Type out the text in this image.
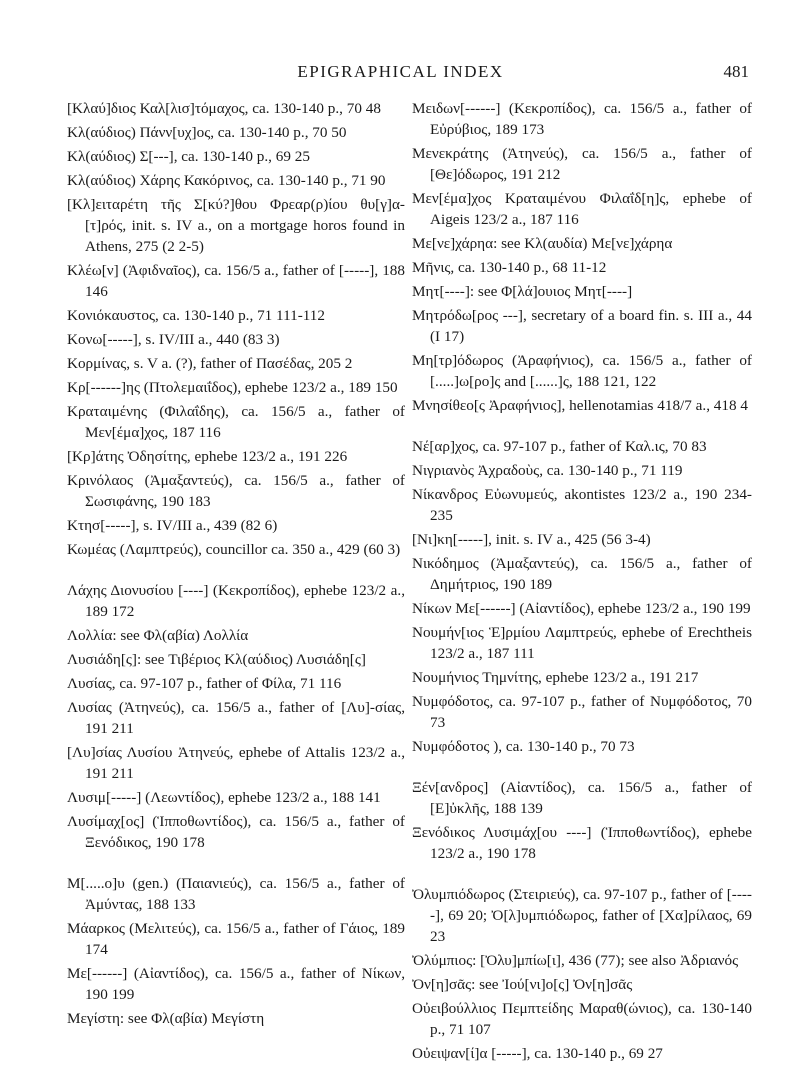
EPIGRAPHICAL INDEX	481

[Κλαύ]διος Καλ[λισ]τόμαχος, ca. 130-140 p., 70 48

Κλ(αύδιος) Πάνν[υχ]ος, ca. 130-140 p., 70 50

Κλ(αύδιος) Σ[---], ca. 130-140 p., 69 25

Κλ(αύδιος) Χάρης Κακόρινος, ca. 130-140 p., 71 90

[Κλ]ειταρέτη τῆς Σ[κύ?]θου Φρεαρ(ρ)ίου θυ[γ]α-[τ]ρός, init. s. IV a., on a mortgage horos found in Athens, 275 (2 2-5)

Κλέω[ν] (Ἀφιδναῖος), ca. 156/5 a., father of [-----], 188 146

Κονιόκαυστος, ca. 130-140 p., 71 111-112

Κονω[-----], s. IV/III a., 440 (83 3)

Κορμίνας, s. V a. (?), father of Πασέδας, 205 2

Κρ[------]ης (Πτολεμαιΐδος), ephebe 123/2 a., 189 150

Κραταιμένης (Φιλαΐδης), ca. 156/5 a., father of Μεν[έμα]χος, 187 116

[Κρ]άτης Ὀδησίτης, ephebe 123/2 a., 191 226

Κρινόλαος (Ἀμαξαντεύς), ca. 156/5 a., father of Σωσιφάνης, 190 183

Κτησ[-----], s. IV/III a., 439 (82 6)

Κωμέας (Λαμπτρεύς), councillor ca. 350 a., 429 (60 3)

Λάχης Διονυσίου [----] (Κεκροπίδος), ephebe 123/2 a., 189 172

Λολλία: see Φλ(αβία) Λολλία

Λυσιάδη[ς]: see Τιβέριος Κλ(αύδιος) Λυσιάδη[ς]

Λυσίας, ca. 97-107 p., father of Φίλα, 71 116

Λυσίας (Ἀτηνεύς), ca. 156/5 a., father of [Λυ]-σίας, 191 211

[Λυ]σίας Λυσίου Ἀτηνεύς, ephebe of Attalis 123/2 a., 191 211

Λυσιμ[-----] (Λεωντίδος), ephebe 123/2 a., 188 141

Λυσίμαχ[ος] (Ἱπποθωντίδος), ca. 156/5 a., father of Ξενόδικος, 190 178

Μ[.....ο]υ (gen.) (Παιανιεύς), ca. 156/5 a., father of Ἀμύντας, 188 133

Μάαρκος (Μελιτεύς), ca. 156/5 a., father of Γάιος, 189 174

Με[------] (Αἰαντίδος), ca. 156/5 a., father of Νίκων, 190 199

Μεγίστη: see Φλ(αβία) Μεγίστη

Μειδων[------] (Κεκροπίδος), ca. 156/5 a., father of Εὐρύβιος, 189 173

Μενεκράτης (Ἀτηνεύς), ca. 156/5 a., father of [Θε]όδωρος, 191 212

Μεν[έμα]χος Κραταιμένου Φιλαΐδ[η]ς, ephebe of Aigeis 123/2 a., 187 116

Με[νε]χάρηα: see Κλ(αυδία) Με[νε]χάρηα

Μῆνις, ca. 130-140 p., 68 11-12

Μητ[----]: see Φ[λά]ουιος Μητ[----]

Μητρόδω[ρος ---], secretary of a board fin. s. III a., 44 (I 17)

Μη[τρ]όδωρος (Ἀραφήνιος), ca. 156/5 a., father of [.....]ω[ρο]ς and [......]ς, 188 121, 122

Μνησίθεο[ς Ἀραφήνιος], hellenotamias 418/7 a., 418 4

Νέ[αρ]χος, ca. 97-107 p., father of Καλ.ις, 70 83

Νιγριανὸς Ἀχραδοὺς, ca. 130-140 p., 71 119

Νίκανδρος Εὐωνυμεύς, akontistes 123/2 a., 190 234-235

[Νι]κη[-----], init. s. IV a., 425 (56 3-4)

Νικόδημος (Ἀμαξαντεύς), ca. 156/5 a., father of Δημήτριος, 190 189

Νίκων Με[------] (Αἰαντίδος), ephebe 123/2 a., 190 199

Νουμήν[ιος Ἑ]ρμίου Λαμπτρεύς, ephebe of Erechtheis 123/2 a., 187 111

Νουμήνιος Τημνίτης, ephebe 123/2 a., 191 217

Νυμφόδοτος, ca. 97-107 p., father of Νυμφόδοτος, 70 73

Νυμφόδοτος ), ca. 130-140 p., 70 73

Ξέν[ανδρος] (Αἰαντίδος), ca. 156/5 a., father of [Ε]ὐκλῆς, 188 139

Ξενόδικος Λυσιμάχ[ου ----] (Ἱπποθωντίδος), ephebe 123/2 a., 190 178

Ὀλυμπιόδωρος (Στειριεύς), ca. 97-107 p., father of [-----], 69 20; Ὀ[λ]υμπιόδωρος, father of [Χα]ρίλαος, 69 23

Ὀλύμπιος: [Ὀλυ]μπίω[ι], 436 (77); see also Ἀδριανός

Ὀν[η]σᾶς: see Ἰού[νι]ο[ς] Ὀν[η]σᾶς

Οὐειβούλλιος Πεμπτείδης Μαραθ(ώνιος), ca. 130-140 p., 71 107

Οὐειψαν[ί]α [-----], ca. 130-140 p., 69 27
